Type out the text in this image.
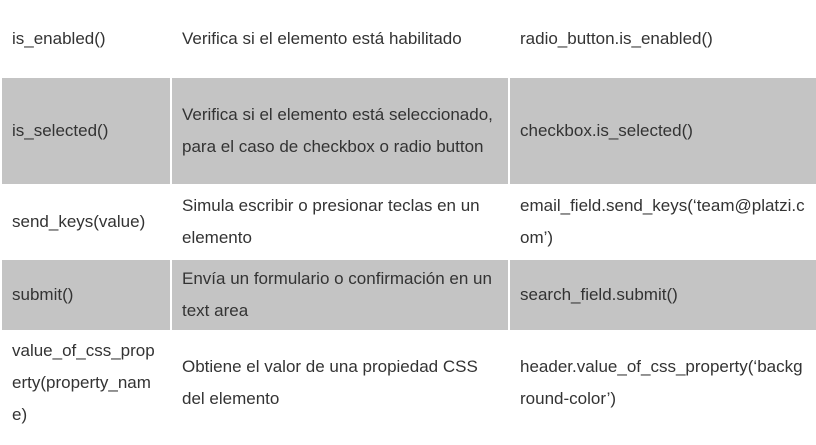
is_enabled()	Verifica si el elemento está habilitado	radio_button.is_enabled()
is_selected()	Verifica si el elemento está seleccionado, para el caso de checkbox o radio button	checkbox.is_selected()
send_keys(value)	Simula escribir o presionar teclas en un elemento	email_field.send_keys(‘team@platzi.com’)
submit()	Envía un formulario o confirmación en un text area	search_field.submit()
value_of_css_property(property_name)	Obtiene el valor de una propiedad CSS del elemento	header.value_of_css_property(‘background-color’)
